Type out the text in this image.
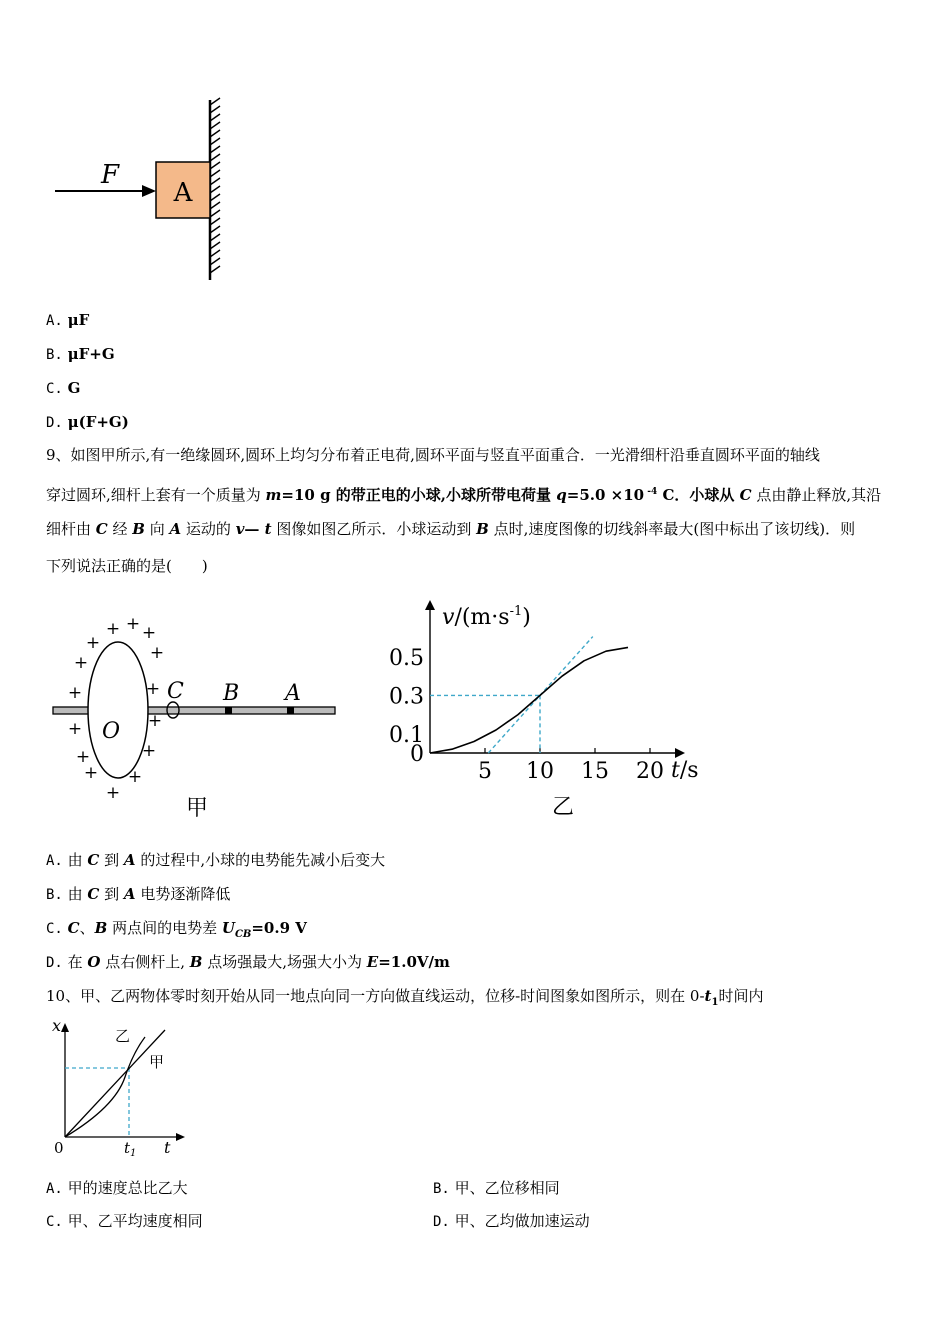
A
F
A. μF
B. μF+G
C. G
D. μ(F+G)
9、如图甲所示,有一绝缘圆环,圆环上均匀分布着正电荷,圆环平面与竖直平面重合．一光滑细杆沿垂直圆环平面的轴线
穿过圆环,细杆上套有一个质量为 m=10 g 的带正电的小球,小球所带电荷量 q=5.0 ×10 $^{-4}$ C．小球从 C 点由静止释放,其沿
细杆由 C 经 B 向 A 运动的 v— t 图像如图乙所示．小球运动到 B 点时,速度图像的切线斜率最大(图中标出了该切线)．则
下列说法正确的是(　　)
C B A
O
+ +
+ +
+	+
+	+
+	+
+	+
+ +
+
甲
5 10 15 20
0.5
0.3
0.1
0
$v/(m\cdot s^{-1})$
t/s
乙
A. 由 C 到 A 的过程中,小球的电势能先减小后变大
B. 由 C 到 A 电势逐渐降低
C. C、B 两点间的电势差 $U_{CB}=0.9$ V
D. 在 O 点右侧杆上, B 点场强最大,场强大小为 E=1.0V/m
10、甲、乙两物体零时刻开始从同一地点向同一方向做直线运动，位移-时间图象如图所示，则在 $0-t_1$时间内
x
t
0	$t_1$
乙
甲
A. 甲的速度总比乙大	B. 甲、乙位移相同
C. 甲、乙平均速度相同	D. 甲、乙均做加速运动
